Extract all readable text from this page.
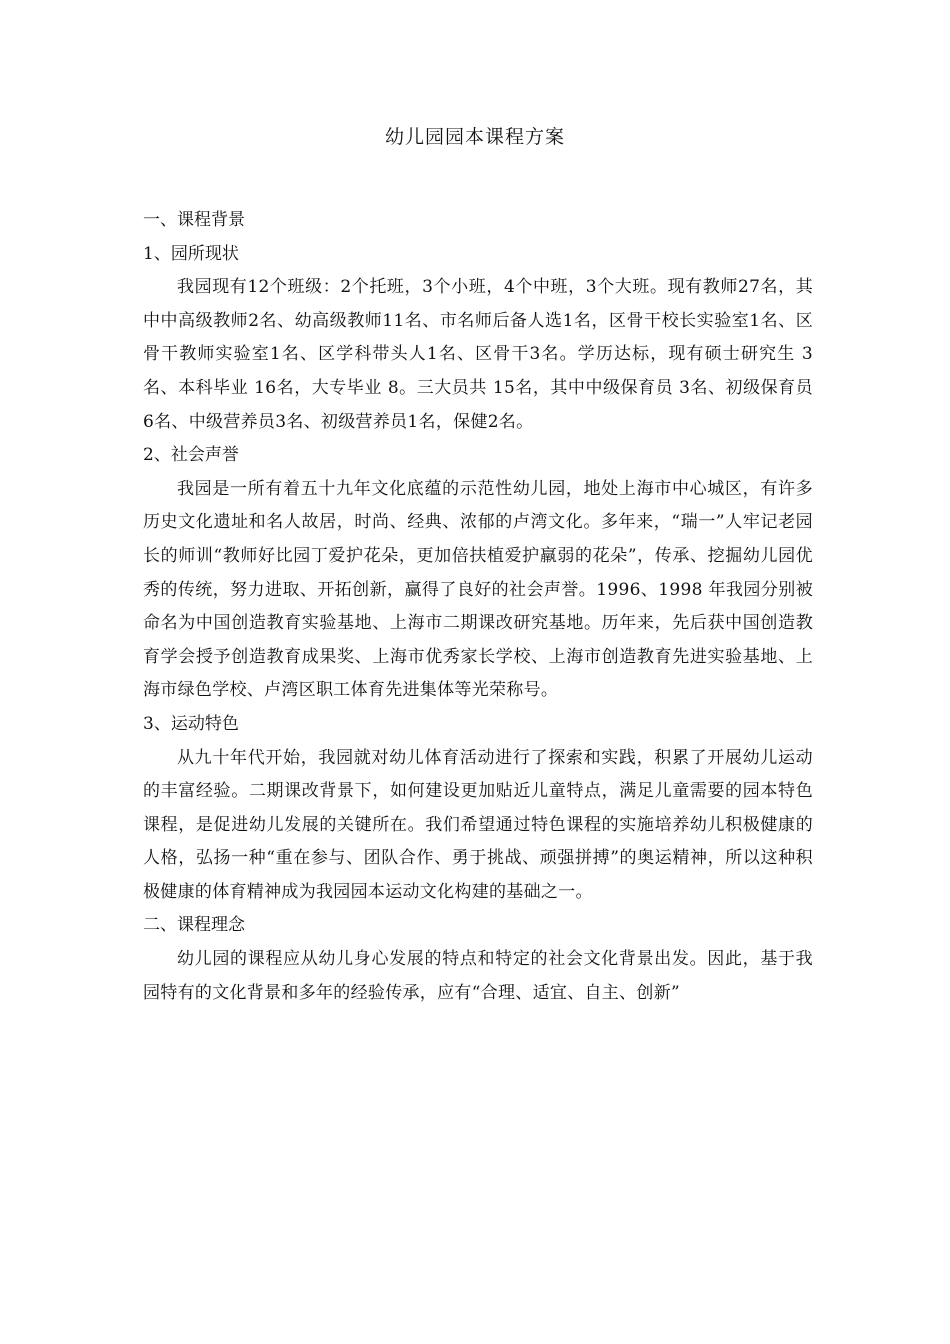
幼儿园园本课程方案

一、课程背景

1、园所现状

我园现有12个班级：2个托班，3个小班，4个中班，3个大班。现有教师27名，其中中高级教师2名、幼高级教师11名、市名师后备人选1名，区骨干校长实验室1名、区骨干教师实验室1名、区学科带头人1名、区骨干3名。学历达标，现有硕士研究生 3名、本科毕业 16名，大专毕业 8。三大员共 15名，其中中级保育员 3名、初级保育员6名、中级营养员3名、初级营养员1名，保健2名。

2、社会声誉

我园是一所有着五十九年文化底蕴的示范性幼儿园，地处上海市中心城区，有许多历史文化遗址和名人故居，时尚、经典、浓郁的卢湾文化。多年来，“瑞一”人牢记老园长的师训“教师好比园丁爱护花朵，更加倍扶植爱护羸弱的花朵”，传承、挖掘幼儿园优秀的传统，努力进取、开拓创新，赢得了良好的社会声誉。1996、1998 年我园分别被命名为中国创造教育实验基地、上海市二期课改研究基地。历年来，先后获中国创造教育学会授予创造教育成果奖、上海市优秀家长学校、上海市创造教育先进实验基地、上海市绿色学校、卢湾区职工体育先进集体等光荣称号。

3、运动特色

从九十年代开始，我园就对幼儿体育活动进行了探索和实践，积累了开展幼儿运动的丰富经验。二期课改背景下，如何建设更加贴近儿童特点，满足儿童需要的园本特色课程，是促进幼儿发展的关键所在。我们希望通过特色课程的实施培养幼儿积极健康的人格，弘扬一种“重在参与、团队合作、勇于挑战、顽强拼搏”的奥运精神，所以这种积极健康的体育精神成为我园园本运动文化构建的基础之一。

二、课程理念

幼儿园的课程应从幼儿身心发展的特点和特定的社会文化背景出发。因此，基于我园特有的文化背景和多年的经验传承，应有“合理、适宜、自主、创新”
